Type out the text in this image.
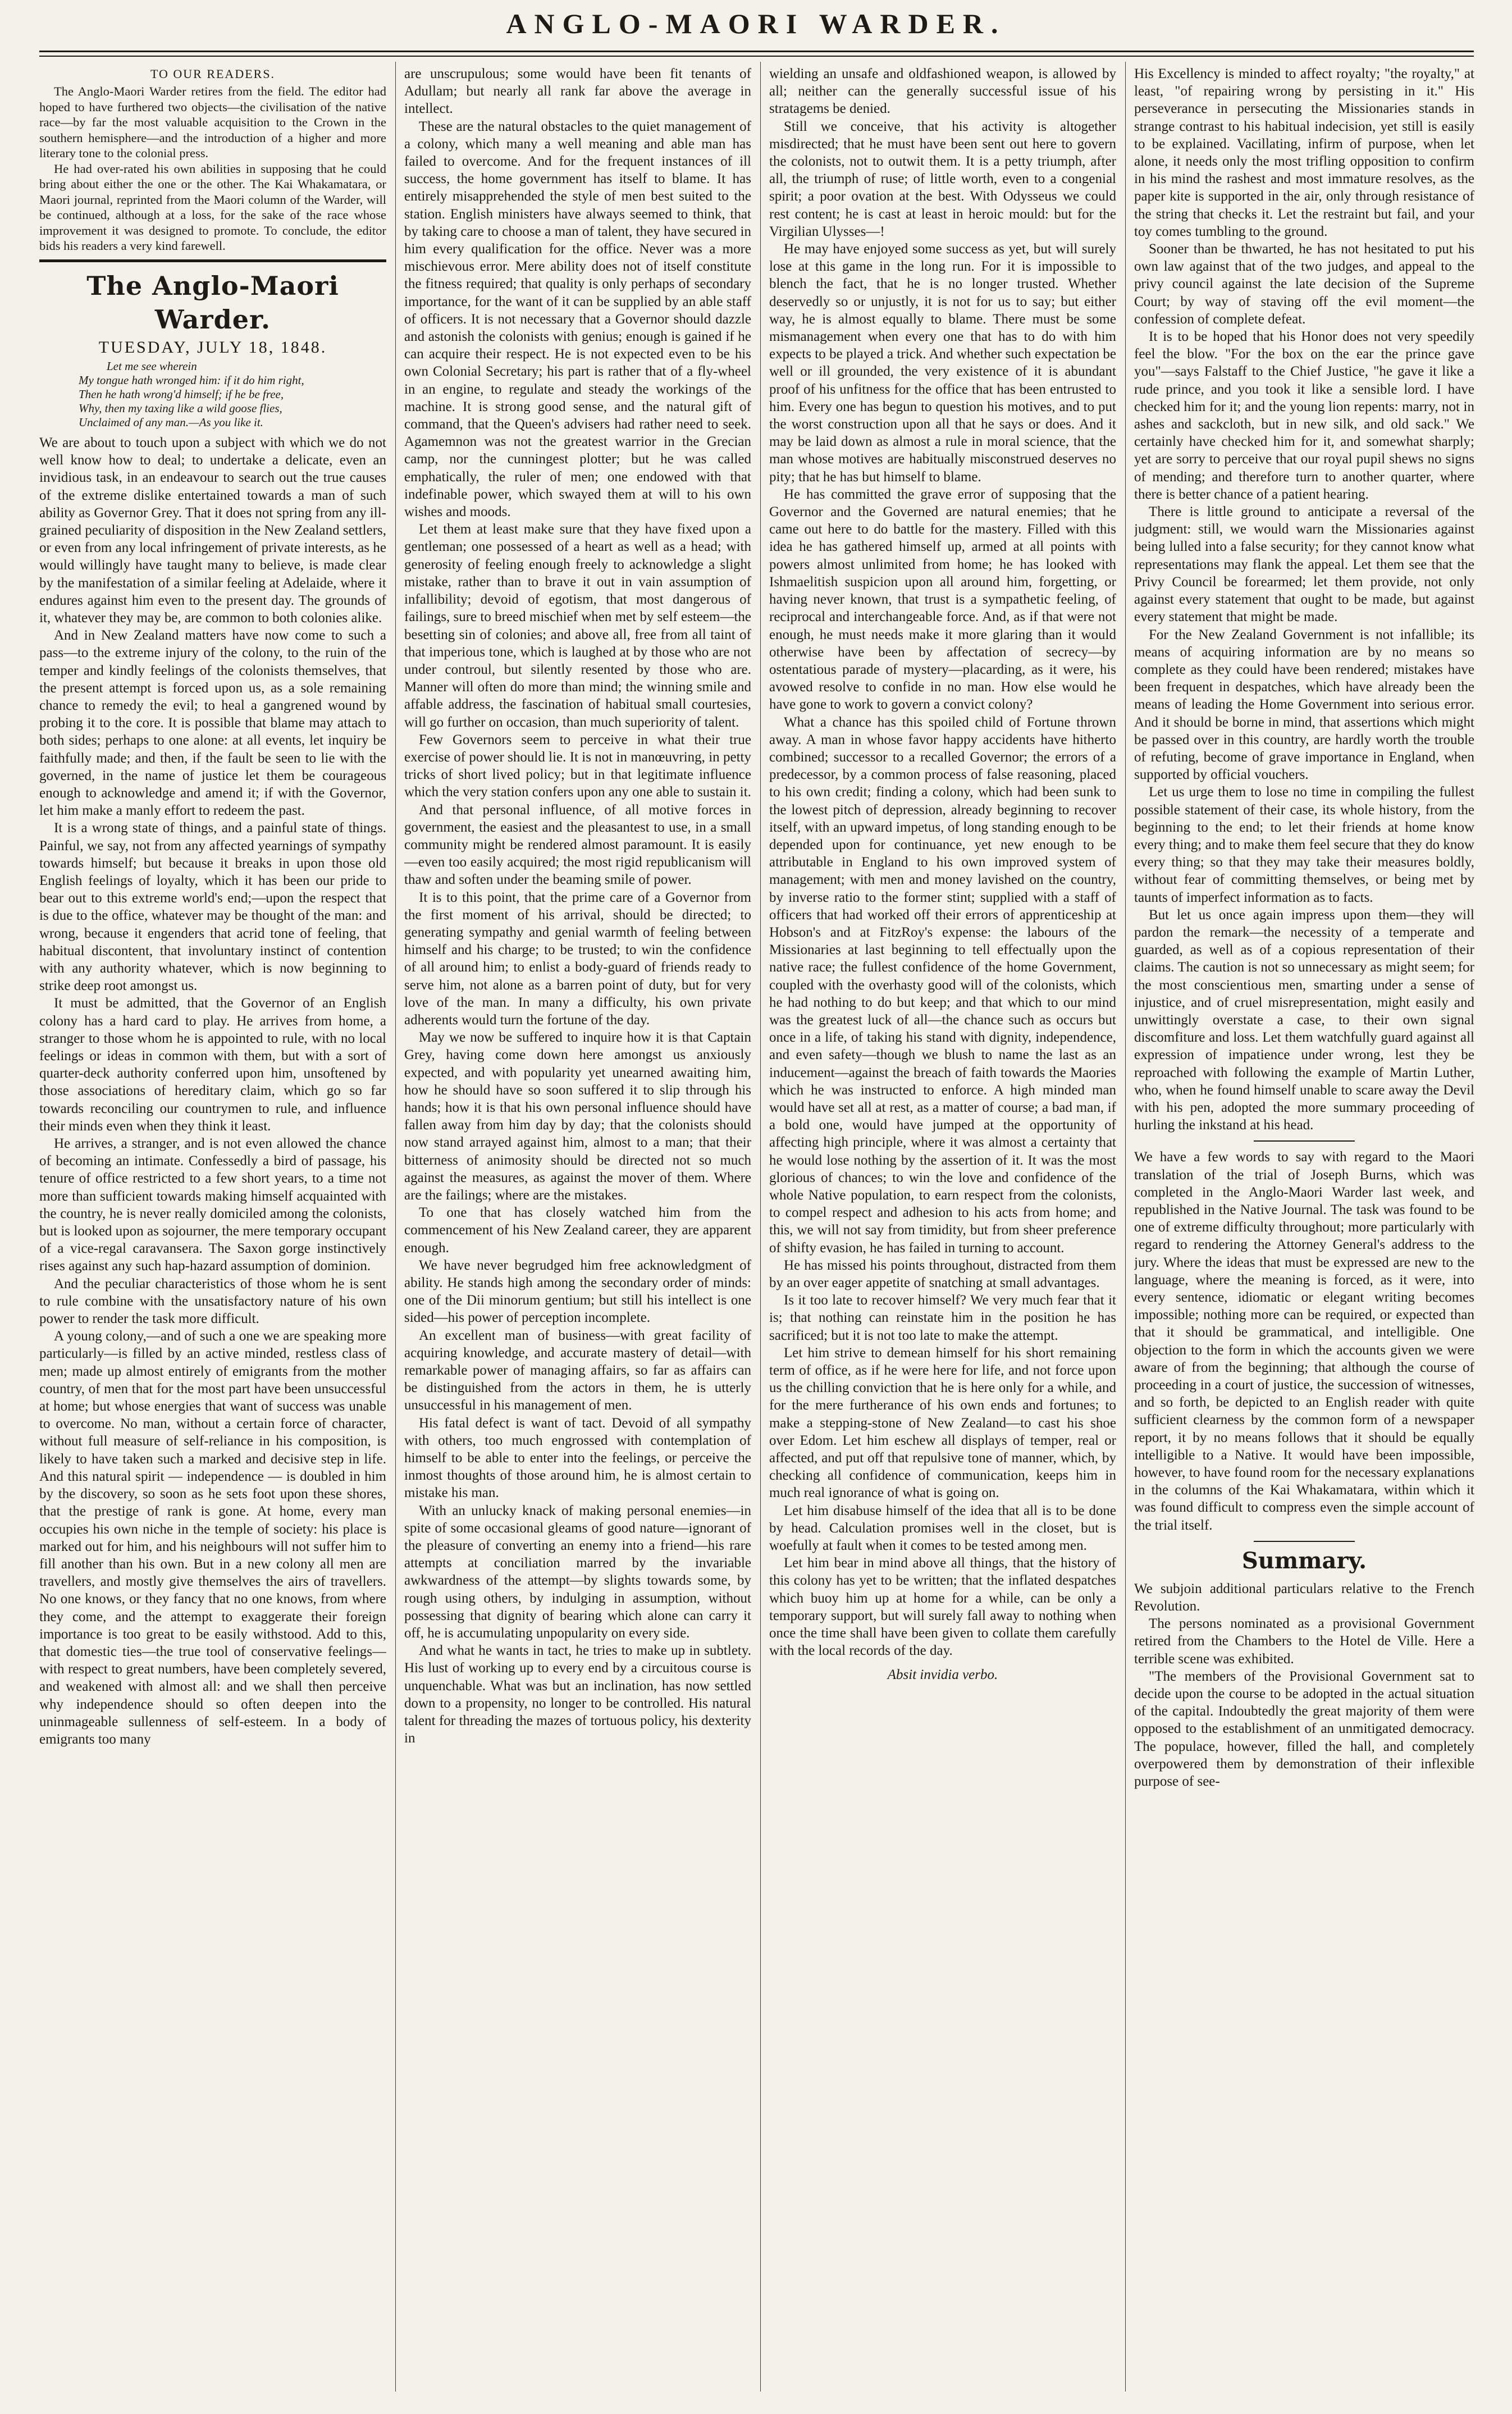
ANGLO-MAORI WARDER.
TO OUR READERS.

The Anglo-Maori Warder retires from the field. The editor had hoped to have furthered two objects—the civilisation of the native race—by far the most valuable acquisition to the Crown in the southern hemisphere—and the introduction of a higher and more literary tone to the colonial press.

He had over-rated his own abilities in supposing that he could bring about either the one or the other. The Kai Whakamatara, or Maori journal, reprinted from the Maori column of the Warder, will be continued, although at a loss, for the sake of the race whose improvement it was designed to promote. To conclude, the editor bids his readers a very kind farewell.

The Anglo-Maori Warder.
TUESDAY, JULY 18, 1848.
Let me see wherein
My tongue hath wronged him: if it do him right,
Then he hath wrong'd himself; if he be free,
Why, then my taxing like a wild goose flies,
Unclaimed of any man.—As you like it.

We are about to touch upon a subject with which we do not well know how to deal; to undertake a delicate, even an invidious task, in an endeavour to search out the true causes of the extreme dislike entertained towards a man of such ability as Governor Grey. That it does not spring from any ill-grained peculiarity of disposition in the New Zealand settlers, or even from any local infringement of private interests, as he would willingly have taught many to believe, is made clear by the manifestation of a similar feeling at Adelaide, where it endures against him even to the present day. The grounds of it, whatever they may be, are common to both colonies alike.

And in New Zealand matters have now come to such a pass—to the extreme injury of the colony, to the ruin of the temper and kindly feelings of the colonists themselves, that the present attempt is forced upon us, as a sole remaining chance to remedy the evil; to heal a gangrened wound by probing it to the core. It is possible that blame may attach to both sides; perhaps to one alone: at all events, let inquiry be faithfully made; and then, if the fault be seen to lie with the governed, in the name of justice let them be courageous enough to acknowledge and amend it; if with the Governor, let him make a manly effort to redeem the past.

It is a wrong state of things, and a painful state of things. Painful, we say, not from any affected yearnings of sympathy towards himself; but because it breaks in upon those old English feelings of loyalty, which it has been our pride to bear out to this extreme world's end;—upon the respect that is due to the office, whatever may be thought of the man: and wrong, because it engenders that acrid tone of feeling, that habitual discontent, that involuntary instinct of contention with any authority whatever, which is now beginning to strike deep root amongst us.

It must be admitted, that the Governor of an English colony has a hard card to play. He arrives from home, a stranger to those whom he is appointed to rule, with no local feelings or ideas in common with them, but with a sort of quarter-deck authority conferred upon him, unsoftened by those associations of hereditary claim, which go so far towards reconciling our countrymen to rule, and influence their minds even when they think it least.

He arrives, a stranger, and is not even allowed the chance of becoming an intimate. Confessedly a bird of passage, his tenure of office restricted to a few short years, to a time not more than sufficient towards making himself acquainted with the country, he is never really domiciled among the colonists, but is looked upon as sojourner, the mere temporary occupant of a vice-regal caravansera. The Saxon gorge instinctively rises against any such hap-hazard assumption of dominion.

And the peculiar characteristics of those whom he is sent to rule combine with the unsatisfactory nature of his own power to render the task more difficult.

A young colony,—and of such a one we are speaking more particularly—is filled by an active minded, restless class of men; made up almost entirely of emigrants from the mother country, of men that for the most part have been unsuccessful at home; but whose energies that want of success was unable to overcome. No man, without a certain force of character, without full measure of self-reliance in his composition, is likely to have taken such a marked and decisive step in life. And this natural spirit — independence — is doubled in him by the discovery, so soon as he sets foot upon these shores, that the prestige of rank is gone. At home, every man occupies his own niche in the temple of society: his place is marked out for him, and his neighbours will not suffer him to fill another than his own. But in a new colony all men are travellers, and mostly give themselves the airs of travellers. No one knows, or they fancy that no one knows, from where they come, and the attempt to exaggerate their foreign importance is too great to be easily withstood. Add to this, that domestic ties—the true tool of conservative feelings—with respect to great numbers, have been completely severed, and weakened with almost all: and we shall then perceive why independence should so often deepen into the uninmageable sullenness of self-esteem. In a body of emigrants too many

are unscrupulous; some would have been fit tenants of Adullam; but nearly all rank far above the average in intellect.

These are the natural obstacles to the quiet management of a colony, which many a well meaning and able man has failed to overcome. And for the frequent instances of ill success, the home government has itself to blame. It has entirely misapprehended the style of men best suited to the station. English ministers have always seemed to think, that by taking care to choose a man of talent, they have secured in him every qualification for the office. Never was a more mischievous error. Mere ability does not of itself constitute the fitness required; that quality is only perhaps of secondary importance, for the want of it can be supplied by an able staff of officers. It is not necessary that a Governor should dazzle and astonish the colonists with genius; enough is gained if he can acquire their respect. He is not expected even to be his own Colonial Secretary; his part is rather that of a fly-wheel in an engine, to regulate and steady the workings of the machine. It is strong good sense, and the natural gift of command, that the Queen's advisers had rather need to seek. Agamemnon was not the greatest warrior in the Grecian camp, nor the cunningest plotter; but he was called emphatically, the ruler of men; one endowed with that indefinable power, which swayed them at will to his own wishes and moods.

Let them at least make sure that they have fixed upon a gentleman; one possessed of a heart as well as a head; with generosity of feeling enough freely to acknowledge a slight mistake, rather than to brave it out in vain assumption of infallibility; devoid of egotism, that most dangerous of failings, sure to breed mischief when met by self esteem—the besetting sin of colonies; and above all, free from all taint of that imperious tone, which is laughed at by those who are not under controul, but silently resented by those who are. Manner will often do more than mind; the winning smile and affable address, the fascination of habitual small courtesies, will go further on occasion, than much superiority of talent.

Few Governors seem to perceive in what their true exercise of power should lie. It is not in manœuvring, in petty tricks of short lived policy; but in that legitimate influence which the very station confers upon any one able to sustain it.

And that personal influence, of all motive forces in government, the easiest and the pleasantest to use, in a small community might be rendered almost paramount. It is easily—even too easily acquired; the most rigid republicanism will thaw and soften under the beaming smile of power.

It is to this point, that the prime care of a Governor from the first moment of his arrival, should be directed; to generating sympathy and genial warmth of feeling between himself and his charge; to be trusted; to win the confidence of all around him; to enlist a body-guard of friends ready to serve him, not alone as a barren point of duty, but for very love of the man. In many a difficulty, his own private adherents would turn the fortune of the day.

May we now be suffered to inquire how it is that Captain Grey, having come down here amongst us anxiously expected, and with popularity yet unearned awaiting him, how he should have so soon suffered it to slip through his hands; how it is that his own personal influence should have fallen away from him day by day; that the colonists should now stand arrayed against him, almost to a man; that their bitterness of animosity should be directed not so much against the measures, as against the mover of them. Where are the failings; where are the mistakes.

To one that has closely watched him from the commencement of his New Zealand career, they are apparent enough.

We have never begrudged him free acknowledgment of ability. He stands high among the secondary order of minds: one of the Dii minorum gentium; but still his intellect is one sided—his power of perception incomplete.

An excellent man of business—with great facility of acquiring knowledge, and accurate mastery of detail—with remarkable power of managing affairs, so far as affairs can be distinguished from the actors in them, he is utterly unsuccessful in his management of men.

His fatal defect is want of tact. Devoid of all sympathy with others, too much engrossed with contemplation of himself to be able to enter into the feelings, or perceive the inmost thoughts of those around him, he is almost certain to mistake his man.

With an unlucky knack of making personal enemies—in spite of some occasional gleams of good nature—ignorant of the pleasure of converting an enemy into a friend—his rare attempts at conciliation marred by the invariable awkwardness of the attempt—by slights towards some, by rough using others, by indulging in assumption, without possessing that dignity of bearing which alone can carry it off, he is accumulating unpopularity on every side.

And what he wants in tact, he tries to make up in subtlety. His lust of working up to every end by a circuitous course is unquenchable. What was but an inclination, has now settled down to a propensity, no longer to be controlled. His natural talent for threading the mazes of tortuous policy, his dexterity in

wielding an unsafe and oldfashioned weapon, is allowed by all; neither can the generally successful issue of his stratagems be denied.

Still we conceive, that his activity is altogether misdirected; that he must have been sent out here to govern the colonists, not to outwit them. It is a petty triumph, after all, the triumph of ruse; of little worth, even to a congenial spirit; a poor ovation at the best. With Odysseus we could rest content; he is cast at least in heroic mould: but for the Virgilian Ulysses—!

He may have enjoyed some success as yet, but will surely lose at this game in the long run. For it is impossible to blench the fact, that he is no longer trusted. Whether deservedly so or unjustly, it is not for us to say; but either way, he is almost equally to blame. There must be some mismanagement when every one that has to do with him expects to be played a trick. And whether such expectation be well or ill grounded, the very existence of it is abundant proof of his unfitness for the office that has been entrusted to him. Every one has begun to question his motives, and to put the worst construction upon all that he says or does. And it may be laid down as almost a rule in moral science, that the man whose motives are habitually misconstrued deserves no pity; that he has but himself to blame.

He has committed the grave error of supposing that the Governor and the Governed are natural enemies; that he came out here to do battle for the mastery. Filled with this idea he has gathered himself up, armed at all points with powers almost unlimited from home; he has looked with Ishmaelitish suspicion upon all around him, forgetting, or having never known, that trust is a sympathetic feeling, of reciprocal and interchangeable force. And, as if that were not enough, he must needs make it more glaring than it would otherwise have been by affectation of secrecy—by ostentatious parade of mystery—placarding, as it were, his avowed resolve to confide in no man. How else would he have gone to work to govern a convict colony?

What a chance has this spoiled child of Fortune thrown away. A man in whose favor happy accidents have hitherto combined; successor to a recalled Governor; the errors of a predecessor, by a common process of false reasoning, placed to his own credit; finding a colony, which had been sunk to the lowest pitch of depression, already beginning to recover itself, with an upward impetus, of long standing enough to be depended upon for continuance, yet new enough to be attributable in England to his own improved system of management; with men and money lavished on the country, by inverse ratio to the former stint; supplied with a staff of officers that had worked off their errors of apprenticeship at Hobson's and at FitzRoy's expense: the labours of the Missionaries at last beginning to tell effectually upon the native race; the fullest confidence of the home Government, coupled with the overhasty good will of the colonists, which he had nothing to do but keep; and that which to our mind was the greatest luck of all—the chance such as occurs but once in a life, of taking his stand with dignity, independence, and even safety—though we blush to name the last as an inducement—against the breach of faith towards the Maories which he was instructed to enforce. A high minded man would have set all at rest, as a matter of course; a bad man, if a bold one, would have jumped at the opportunity of affecting high principle, where it was almost a certainty that he would lose nothing by the assertion of it. It was the most glorious of chances; to win the love and confidence of the whole Native population, to earn respect from the colonists, to compel respect and adhesion to his acts from home; and this, we will not say from timidity, but from sheer preference of shifty evasion, he has failed in turning to account.

He has missed his points throughout, distracted from them by an over eager appetite of snatching at small advantages.

Is it too late to recover himself? We very much fear that it is; that nothing can reinstate him in the position he has sacrificed; but it is not too late to make the attempt.

Let him strive to demean himself for his short remaining term of office, as if he were here for life, and not force upon us the chilling conviction that he is here only for a while, and for the mere furtherance of his own ends and fortunes; to make a stepping-stone of New Zealand—to cast his shoe over Edom. Let him eschew all displays of temper, real or affected, and put off that repulsive tone of manner, which, by checking all confidence of communication, keeps him in much real ignorance of what is going on.

Let him disabuse himself of the idea that all is to be done by head. Calculation promises well in the closet, but is woefully at fault when it comes to be tested among men.

Let him bear in mind above all things, that the history of this colony has yet to be written; that the inflated despatches which buoy him up at home for a while, can be only a temporary support, but will surely fall away to nothing when once the time shall have been given to collate them carefully with the local records of the day.

Absit invidia verbo.

His Excellency is minded to affect royalty; "the royalty," at least, "of repairing wrong by persisting in it." His perseverance in persecuting the Missionaries stands in strange contrast to his habitual indecision, yet still is easily to be explained. Vacillating, infirm of purpose, when let alone, it needs only the most trifling opposition to confirm in his mind the rashest and most immature resolves, as the paper kite is supported in the air, only through resistance of the string that checks it. Let the restraint but fail, and your toy comes tumbling to the ground.

Sooner than be thwarted, he has not hesitated to put his own law against that of the two judges, and appeal to the privy council against the late decision of the Supreme Court; by way of staving off the evil moment—the confession of complete defeat.

It is to be hoped that his Honor does not very speedily feel the blow. "For the box on the ear the prince gave you"—says Falstaff to the Chief Justice, "he gave it like a rude prince, and you took it like a sensible lord. I have checked him for it; and the young lion repents: marry, not in ashes and sackcloth, but in new silk, and old sack." We certainly have checked him for it, and somewhat sharply; yet are sorry to perceive that our royal pupil shews no signs of mending; and therefore turn to another quarter, where there is better chance of a patient hearing.

There is little ground to anticipate a reversal of the judgment: still, we would warn the Missionaries against being lulled into a false security; for they cannot know what representations may flank the appeal. Let them see that the Privy Council be forearmed; let them provide, not only against every statement that ought to be made, but against every statement that might be made.

For the New Zealand Government is not infallible; its means of acquiring information are by no means so complete as they could have been rendered; mistakes have been frequent in despatches, which have already been the means of leading the Home Government into serious error. And it should be borne in mind, that assertions which might be passed over in this country, are hardly worth the trouble of refuting, become of grave importance in England, when supported by official vouchers.

Let us urge them to lose no time in compiling the fullest possible statement of their case, its whole history, from the beginning to the end; to let their friends at home know every thing; and to make them feel secure that they do know every thing; so that they may take their measures boldly, without fear of committing themselves, or being met by taunts of imperfect information as to facts.

But let us once again impress upon them—they will pardon the remark—the necessity of a temperate and guarded, as well as of a copious representation of their claims. The caution is not so unnecessary as might seem; for the most conscientious men, smarting under a sense of injustice, and of cruel misrepresentation, might easily and unwittingly overstate a case, to their own signal discomfiture and loss. Let them watchfully guard against all expression of impatience under wrong, lest they be reproached with following the example of Martin Luther, who, when he found himself unable to scare away the Devil with his pen, adopted the more summary proceeding of hurling the inkstand at his head.

We have a few words to say with regard to the Maori translation of the trial of Joseph Burns, which was completed in the Anglo-Maori Warder last week, and republished in the Native Journal. The task was found to be one of extreme difficulty throughout; more particularly with regard to rendering the Attorney General's address to the jury. Where the ideas that must be expressed are new to the language, where the meaning is forced, as it were, into every sentence, idiomatic or elegant writing becomes impossible; nothing more can be required, or expected than that it should be grammatical, and intelligible. One objection to the form in which the accounts given we were aware of from the beginning; that although the course of proceeding in a court of justice, the succession of witnesses, and so forth, be depicted to an English reader with quite sufficient clearness by the common form of a newspaper report, it by no means follows that it should be equally intelligible to a Native. It would have been impossible, however, to have found room for the necessary explanations in the columns of the Kai Whakamatara, within which it was found difficult to compress even the simple account of the trial itself.

Summary.

We subjoin additional particulars relative to the French Revolution.

The persons nominated as a provisional Government retired from the Chambers to the Hotel de Ville. Here a terrible scene was exhibited.

"The members of the Provisional Government sat to decide upon the course to be adopted in the actual situation of the capital. Indoubtedly the great majority of them were opposed to the establishment of an unmitigated democracy. The populace, however, filled the hall, and completely overpowered them by demonstration of their inflexible purpose of see-
